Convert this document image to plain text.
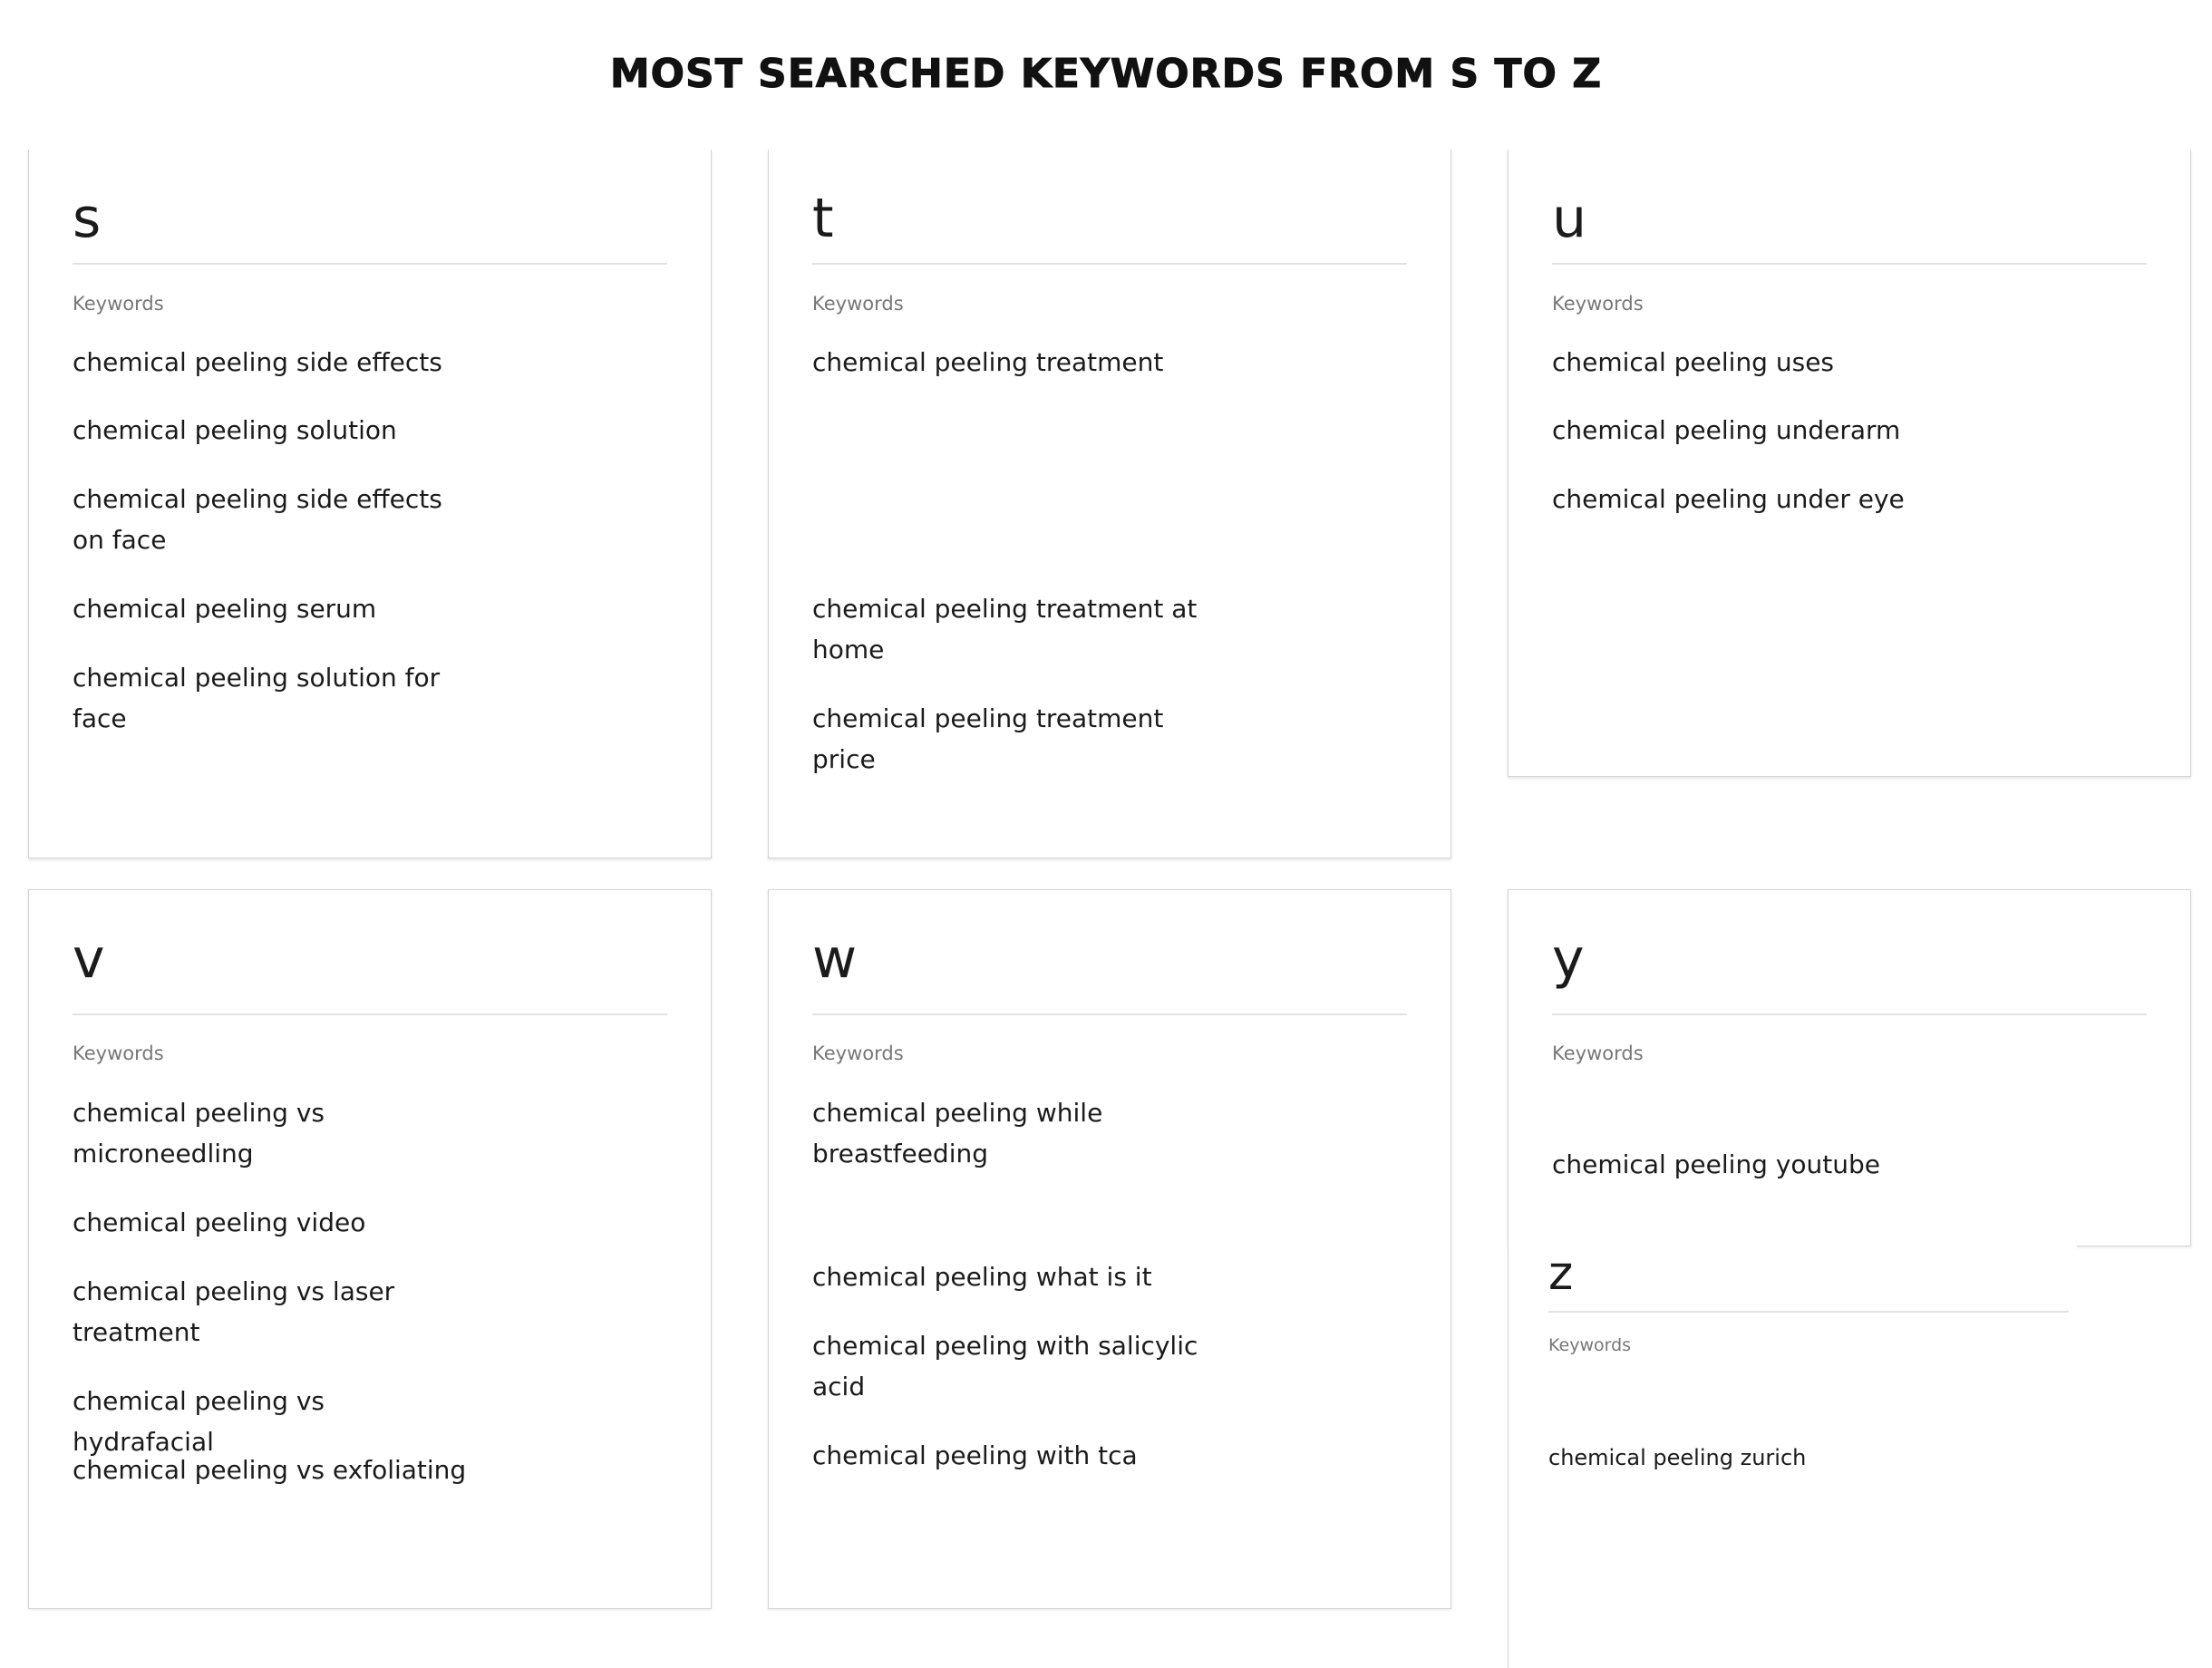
MOST SEARCHED KEYWORDS FROM S TO Z
s
Keywords
chemical peeling side effects
chemical peeling solution
chemical peeling side effects on face
chemical peeling serum
chemical peeling solution for face
t
Keywords
chemical peeling treatment
chemical peeling treatment at home
chemical peeling treatment price
u
Keywords
chemical peeling uses
chemical peeling underarm
chemical peeling under eye
v
Keywords
chemical peeling vs microneedling
chemical peeling video
chemical peeling vs laser treatment
chemical peeling vs hydrafacial
chemical peeling vs exfoliating
w
Keywords
chemical peeling while breastfeeding
chemical peeling what is it
chemical peeling with salicylic acid
chemical peeling with tca
y
Keywords
chemical peeling youtube
z
Keywords
chemical peeling zurich
